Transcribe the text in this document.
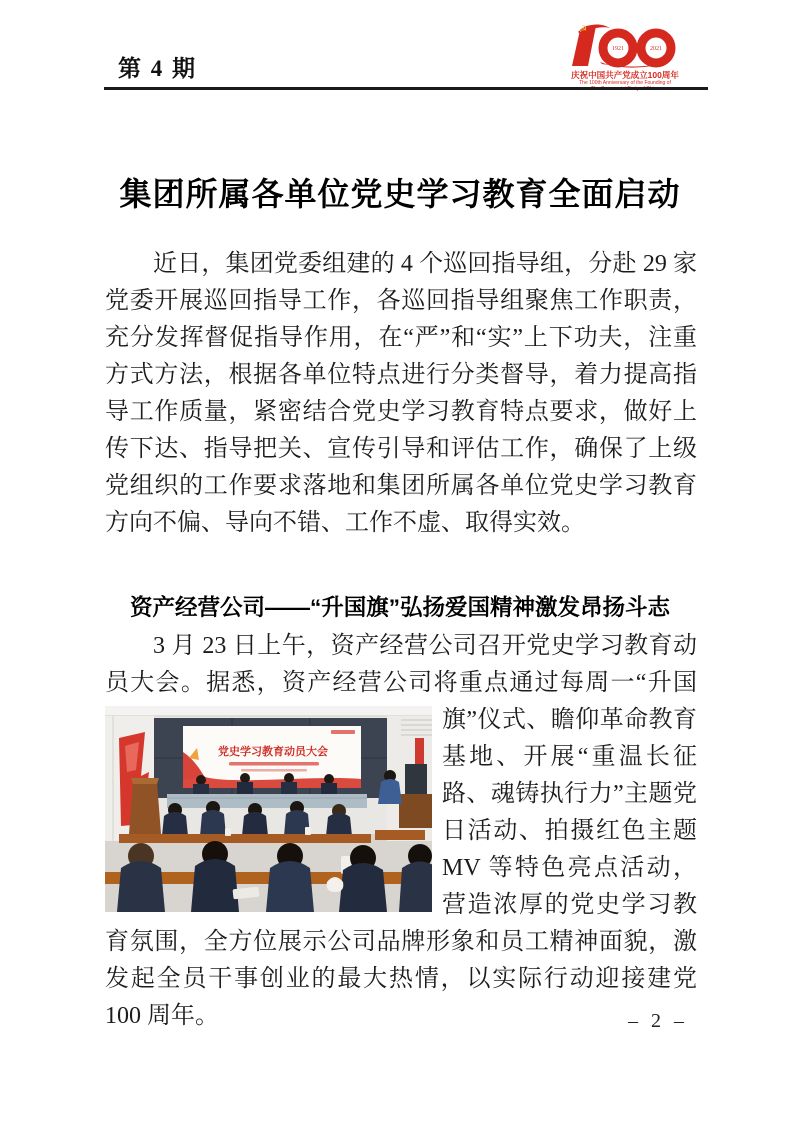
第 4 期
☭
1921	2021
庆祝中国共产党成立100周年
The 100th Anniversary of the Founding of
The Communist Party of China
集团所属各单位党史学习教育全面启动
近日，集团党委组建的 4 个巡回指导组，分赴 29 家党委开展巡回指导工作，各巡回指导组聚焦工作职责，充分发挥督促指导作用，在“严”和“实”上下功夫，注重方式方法，根据各单位特点进行分类督导，着力提高指导工作质量，紧密结合党史学习教育特点要求，做好上传下达、指导把关、宣传引导和评估工作，确保了上级党组织的工作要求落地和集团所属各单位党史学习教育方向不偏、导向不错、工作不虚、取得实效。
资产经营公司——“升国旗”弘扬爱国精神激发昂扬斗志
党史学习教育动员大会
3 月 23 日上午，资产经营公司召开党史学习教育动员大会。据悉，资产经营公司将重点通过每周一“升国旗”仪式、瞻仰革命教育基地、开展“重温长征路、魂铸执行力”主题党日活动、拍摄红色主题 MV 等特色亮点活动，营造浓厚的党史学习教育氛围，全方位展示公司品牌形象和员工精神面貌，激发起全员干事创业的最大热情，以实际行动迎接建党 100 周年。	– 2 –
